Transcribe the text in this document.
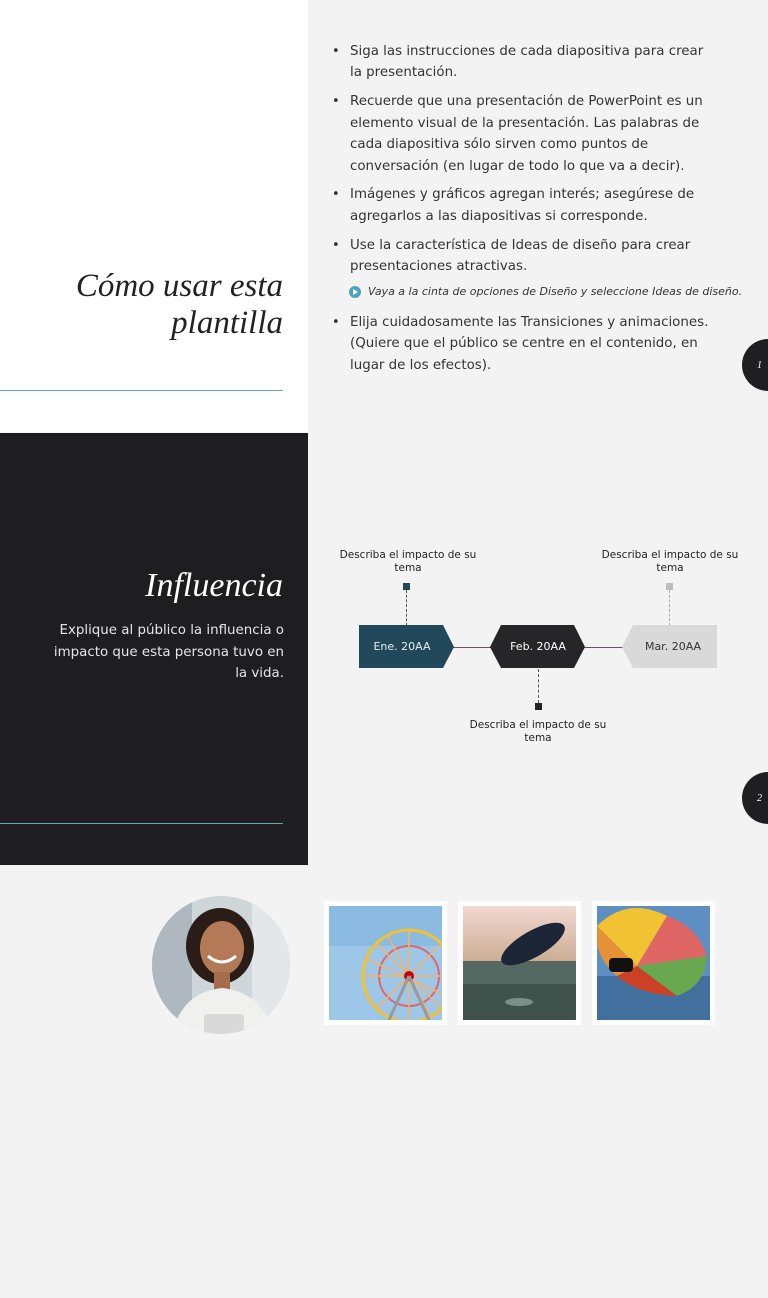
Cómo usar esta
plantilla
• Siga las instrucciones de cada diapositiva para crear la presentación.
• Recuerde que una presentación de PowerPoint es un elemento visual de la presentación. Las palabras de cada diapositiva sólo sirven como puntos de conversación (en lugar de todo lo que va a decir).
• Imágenes y gráficos agregan interés; asegúrese de agregarlos a las diapositivas si corresponde.
• Use la característica de Ideas de diseño para crear presentaciones atractivas.
Vaya a la cinta de opciones de Diseño y seleccione Ideas de diseño.
• Elija cuidadosamente las Transiciones y animaciones. (Quiere que el público se centre en el contenido, en lugar de los efectos).	1
Explique al público la influencia o impacto que esta persona tuvo en la vida.
Influencia
Describa el impacto de su tema
Ene. 20AA	Feb. 20AA
Describa el impacto de su tema
Describa el impacto de su tema
Mar. 20AA
2
